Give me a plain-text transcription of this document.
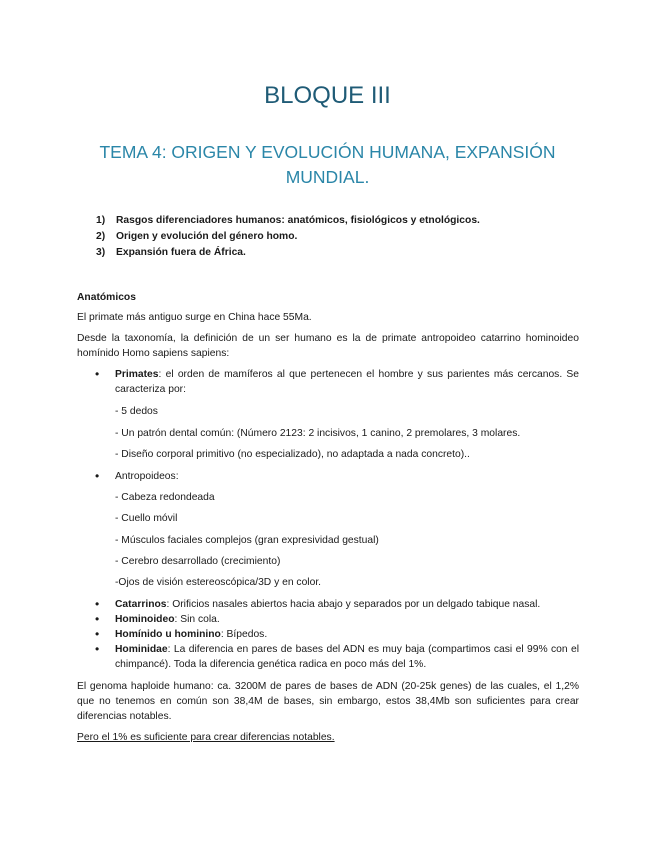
BLOQUE III
TEMA 4: ORIGEN Y EVOLUCIÓN HUMANA, EXPANSIÓN MUNDIAL.
1) Rasgos diferenciadores humanos: anatómicos, fisiológicos y etnológicos.
2) Origen y evolución del género homo.
3) Expansión fuera de África.
Anatómicos
El primate más antiguo surge en China hace 55Ma.
Desde la taxonomía, la definición de un ser humano es la de primate antropoideo catarrino hominoideo homínido Homo sapiens sapiens:
• Primates: el orden de mamíferos al que pertenecen el hombre y sus parientes más cercanos. Se caracteriza por:
- 5 dedos
- Un patrón dental común: (Número 2123: 2 incisivos, 1 canino, 2 premolares, 3 molares.
- Diseño corporal primitivo (no especializado), no adaptada a nada concreto)..
• Antropoideos:
- Cabeza redondeada
- Cuello móvil
- Músculos faciales complejos (gran expresividad gestual)
- Cerebro desarrollado (crecimiento)
-Ojos de visión estereoscópica/3D y en color.
• Catarrinos: Orificios nasales abiertos hacia abajo y separados por un delgado tabique nasal.
• Hominoideo: Sin cola.
• Homínido u hominino: Bípedos.
• Hominidae: La diferencia en pares de bases del ADN es muy baja (compartimos casi el 99% con el chimpancé). Toda la diferencia genética radica en poco más del 1%.
El genoma haploide humano: ca. 3200M de pares de bases de ADN (20-25k genes) de las cuales, el 1,2% que no tenemos en común son 38,4M de bases, sin embargo, estos 38,4Mb son suficientes para crear diferencias notables.
Pero el 1% es suficiente para crear diferencias notables.
